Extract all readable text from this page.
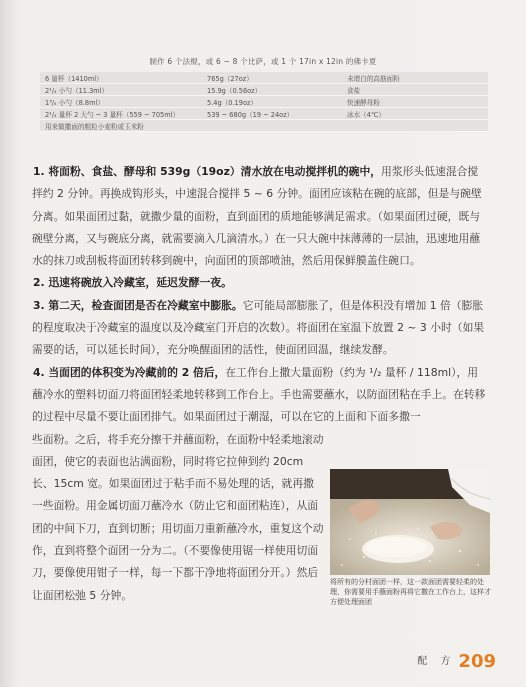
制作 6 个法棍，或 6 ~ 8 个比萨，或 1 个 17in x 12in 的佛卡夏
6 量杯（1410ml）	765g（27oz）	未增白的高筋面粉
2¹/₄ 小勺（11.3ml）	15.9g（0.56oz）	食盐
1³/₄ 小勺（8.8ml）	5.4g（0.19oz）	快速酵母粉
2¹/₄ 量杯 2 大勺 ~ 3 量杯（559 ~ 705ml）	539 ~ 680g（19 ~ 24oz）	冰水（4℃）
用来做撒面的粗粒小麦粉或玉米粉		

1. 将面粉、食盐、酵母和 539g（19oz）清水放在电动搅拌机的碗中，用浆形头低速混合搅拌约 2 分钟。再换成钩形头，中速混合搅拌 5 ~ 6 分钟。面团应该粘在碗的底部，但是与碗壁分离。如果面团过黏，就撒少量的面粉，直到面团的质地能够满足需求。（如果面团过硬，既与碗壁分离，又与碗底分离，就需要滴入几滴清水。）在一只大碗中抹薄薄的一层油，迅速地用蘸水的抹刀或刮板将面团转移到碗中，向面团的顶部喷油，然后用保鲜膜盖住碗口。

2. 迅速将碗放入冷藏室，延迟发酵一夜。

3. 第二天，检查面团是否在冷藏室中膨胀。它可能局部膨胀了，但是体积没有增加 1 倍（膨胀的程度取决于冷藏室的温度以及冷藏室门开启的次数）。将面团在室温下放置 2 ~ 3 小时（如果需要的话，可以延长时间），充分唤醒面团的活性，使面团回温，继续发酵。

4. 当面团的体积变为冷藏前的 2 倍后，在工作台上撒大量面粉（约为 ¹/₂ 量杯 / 118ml），用蘸冷水的塑料切面刀将面团轻柔地转移到工作台上。手也需要蘸水，以防面团粘在手上。在转移的过程中尽量不要让面团排气。如果面团过于潮湿，可以在它的上面和下面多撒一

些面粉。之后，将手充分擦干并蘸面粉，在面粉中轻柔地滚动面团，使它的表面也沾满面粉，同时将它拉伸到约 20cm 长、15cm 宽。如果面团过于粘手而不易处理的话，就再撒一些面粉。用金属切面刀蘸冷水（防止它和面团粘连），从面团的中间下刀，直到切断；用切面刀重新蘸冷水，重复这个动作，直到将整个面团一分为二。（不要像使用锯一样使用切面刀，要像使用钳子一样，每一下都干净地将面团分开。）然后让面团松弛 5 分钟。

将所有的分村面团一样，这一款面团需要轻柔的处理，你需要用手蘸面粉再将它撒在工作台上，这样才方便处理面团
配 方 209
